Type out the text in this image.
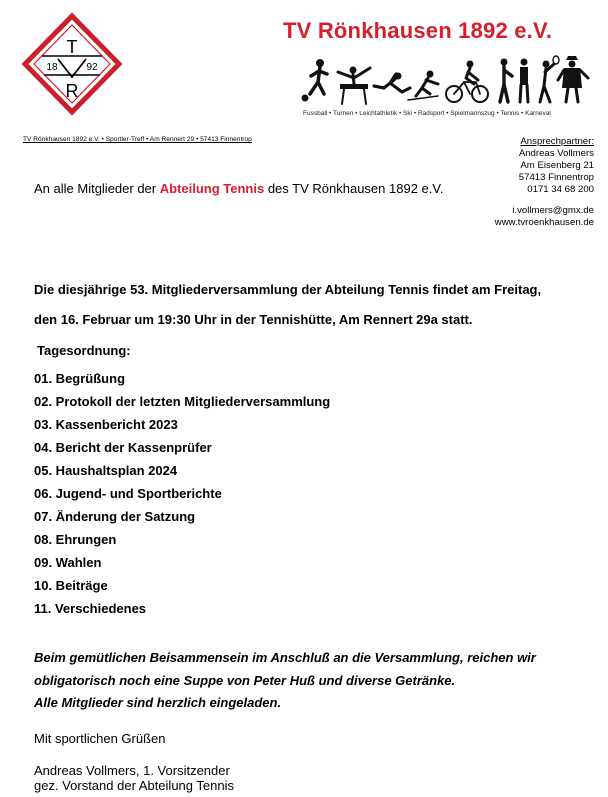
T
R
18	92
TV Rönkhausen 1892 e.V.
Fussball • Turnen • Leichtathletik • Ski • Radsport • Spielmannszug • Tennis • Karneval
TV Rönkhausen 1892 e.V. • Sportler-Treff • Am Rennert 29 • 57413 Finnentrop	Ansprechpartner:
Andreas Vollmers
Am Eisenberg 21
57413 Finnentrop
0171 34 68 200
i.vollmers@gmx.de
www.tvroenkhausen.de
An alle Mitglieder der Abteilung Tennis des TV Rönkhausen 1892 e.V.
Die diesjährige 53. Mitgliederversammlung der Abteilung Tennis findet am Freitag,
den 16. Februar um 19:30 Uhr in der Tennishütte, Am Rennert 29a statt.
Tagesordnung:
01. Begrüßung
02. Protokoll der letzten Mitgliederversammlung
03. Kassenbericht 2023
04. Bericht der Kassenprüfer
05. Haushaltsplan 2024
06. Jugend- und Sportberichte
07. Änderung der Satzung
08. Ehrungen
09. Wahlen
10. Beiträge
11. Verschiedenes
Beim gemütlichen Beisammensein im Anschluß an die Versammlung, reichen wir
obligatorisch noch eine Suppe von Peter Huß und diverse Getränke.
Alle Mitglieder sind herzlich eingeladen.
Mit sportlichen Grüßen
Andreas Vollmers, 1. Vorsitzender
gez. Vorstand der Abteilung Tennis
